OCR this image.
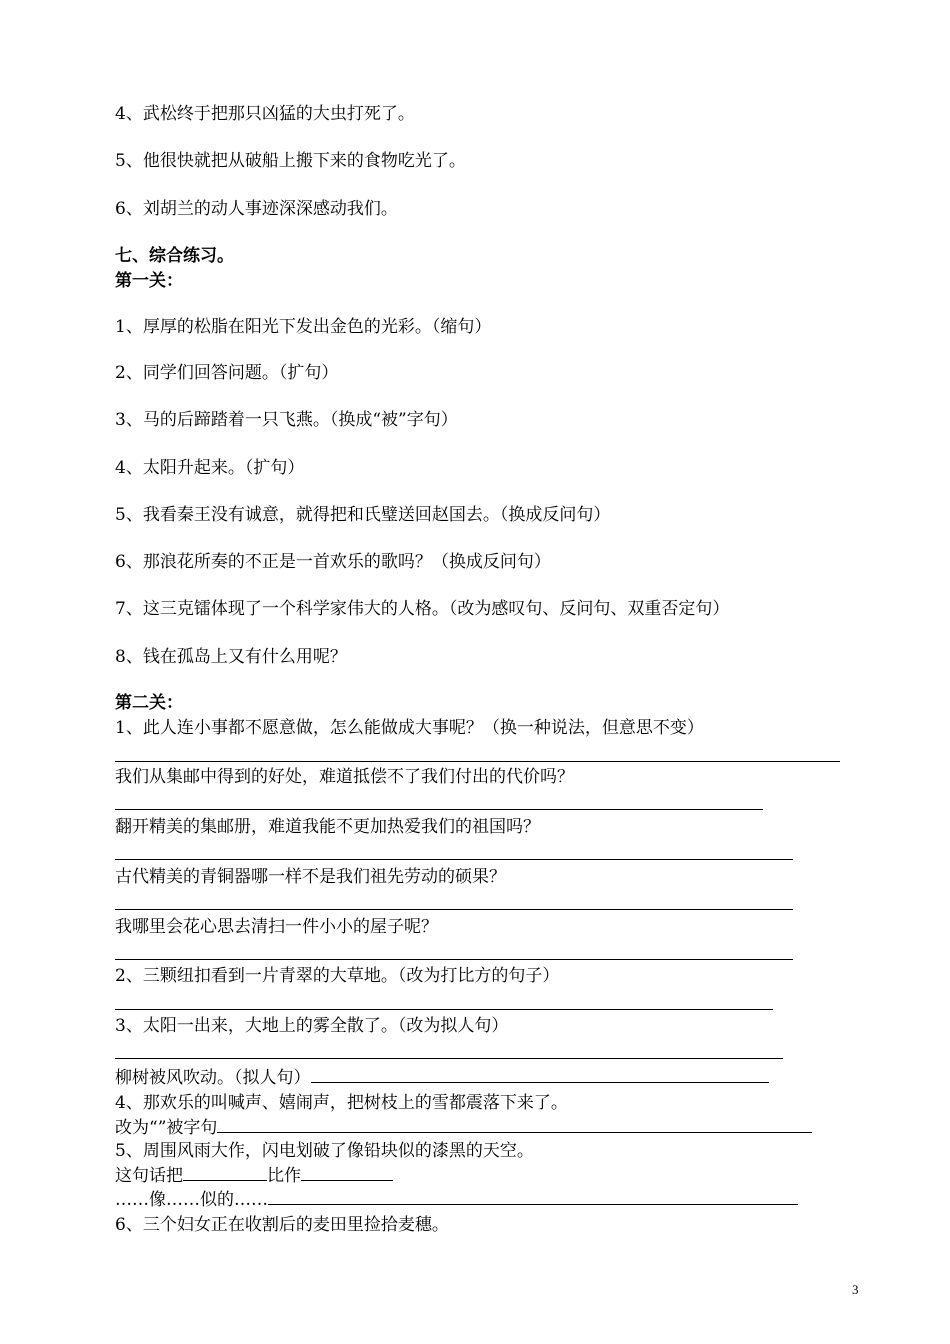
4、武松终于把那只凶猛的大虫打死了。
5、他很快就把从破船上搬下来的食物吃光了。
6、刘胡兰的动人事迹深深感动我们。
七、综合练习。
第一关：
1、厚厚的松脂在阳光下发出金色的光彩。（缩句）
2、同学们回答问题。（扩句）
3、马的后蹄踏着一只飞燕。（换成“被”字句）
4、太阳升起来。（扩句）
5、我看秦王没有诚意，就得把和氏璧送回赵国去。（换成反问句）
6、那浪花所奏的不正是一首欢乐的歌吗？（换成反问句）
7、这三克镭体现了一个科学家伟大的人格。（改为感叹句、反问句、双重否定句）
8、钱在孤岛上又有什么用呢？
第二关：
1、此人连小事都不愿意做，怎么能做成大事呢？（换一种说法，但意思不变）
我们从集邮中得到的好处，难道抵偿不了我们付出的代价吗？
翻开精美的集邮册，难道我能不更加热爱我们的祖国吗？
古代精美的青铜器哪一样不是我们祖先劳动的硕果？
我哪里会花心思去清扫一件小小的屋子呢？
2、三颗纽扣看到一片青翠的大草地。（改为打比方的句子）
3、太阳一出来，大地上的雾全散了。（改为拟人句）
柳树被风吹动。（拟人句）
4、那欢乐的叫喊声、嬉闹声，把树枝上的雪都震落下来了。
改为“”被字句
5、周围风雨大作，闪电划破了像铅块似的漆黑的天空。
这句话把	比作
……像……似的……
6、三个妇女正在收割后的麦田里捡拾麦穗。
3
